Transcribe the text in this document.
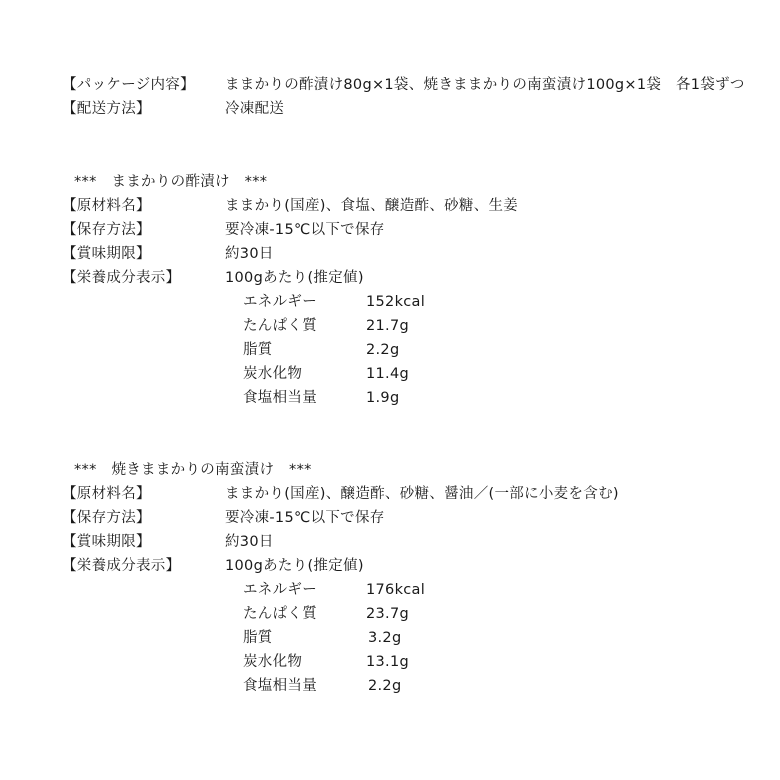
【パッケージ内容】 ままかりの酢漬け80g×1袋、焼きままかりの南蛮漬け100g×1袋　各1袋ずつ
【配送方法】	冷凍配送
***　ままかりの酢漬け　***
【原材料名】	ままかり(国産)、食塩、醸造酢、砂糖、生姜
【保存方法】	要冷凍-15℃以下で保存
【賞味期限】	約30日
【栄養成分表示】	100gあたり(推定値)
エネルギー	152kcal
たんぱく質	21.7g
脂質	2.2g
炭水化物	11.4g
食塩相当量	1.9g
***　焼きままかりの南蛮漬け　***
【原材料名】	ままかり(国産)、醸造酢、砂糖、醤油／(一部に小麦を含む)
【保存方法】	要冷凍-15℃以下で保存
【賞味期限】	約30日
【栄養成分表示】	100gあたり(推定値)
エネルギー	176kcal
たんぱく質	23.7g
脂質	3.2g
炭水化物	13.1g
食塩相当量	2.2g
